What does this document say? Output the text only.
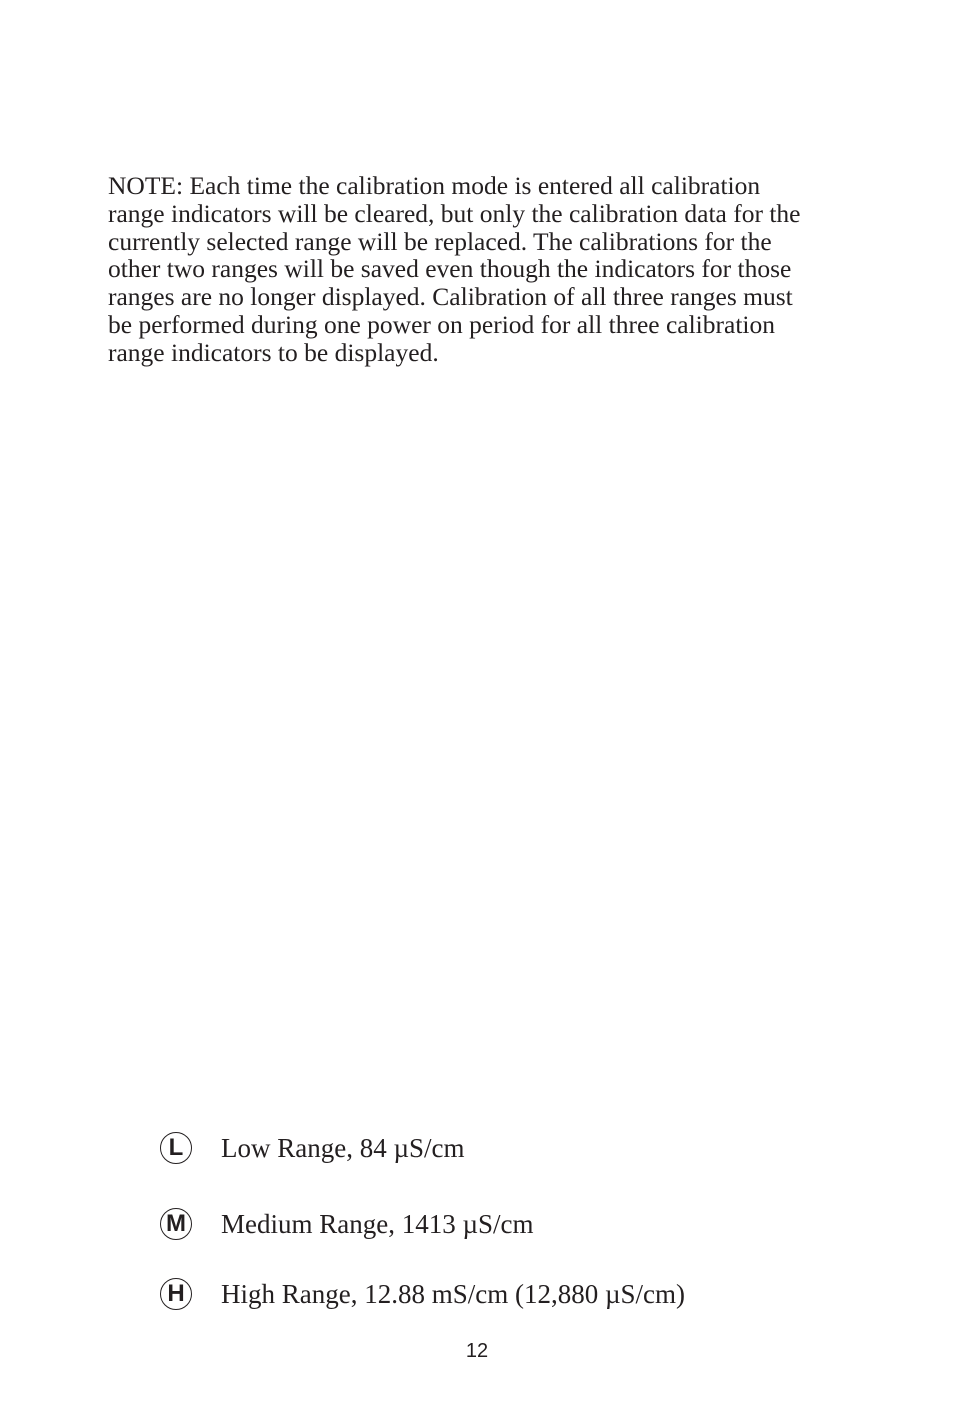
NOTE: Each time the calibration mode is entered all calibration
range indicators will be cleared, but only the calibration data for the
currently selected range will be replaced. The calibrations for the
other two ranges will be saved even though the indicators for those
ranges are no longer displayed. Calibration of all three ranges must
be performed during one power on period for all three calibration
range indicators to be displayed.

L	Low Range, 84 µS/cm
M Medium Range, 1413 µS/cm
H High Range, 12.88 mS/cm (12,880 µS/cm)
12
